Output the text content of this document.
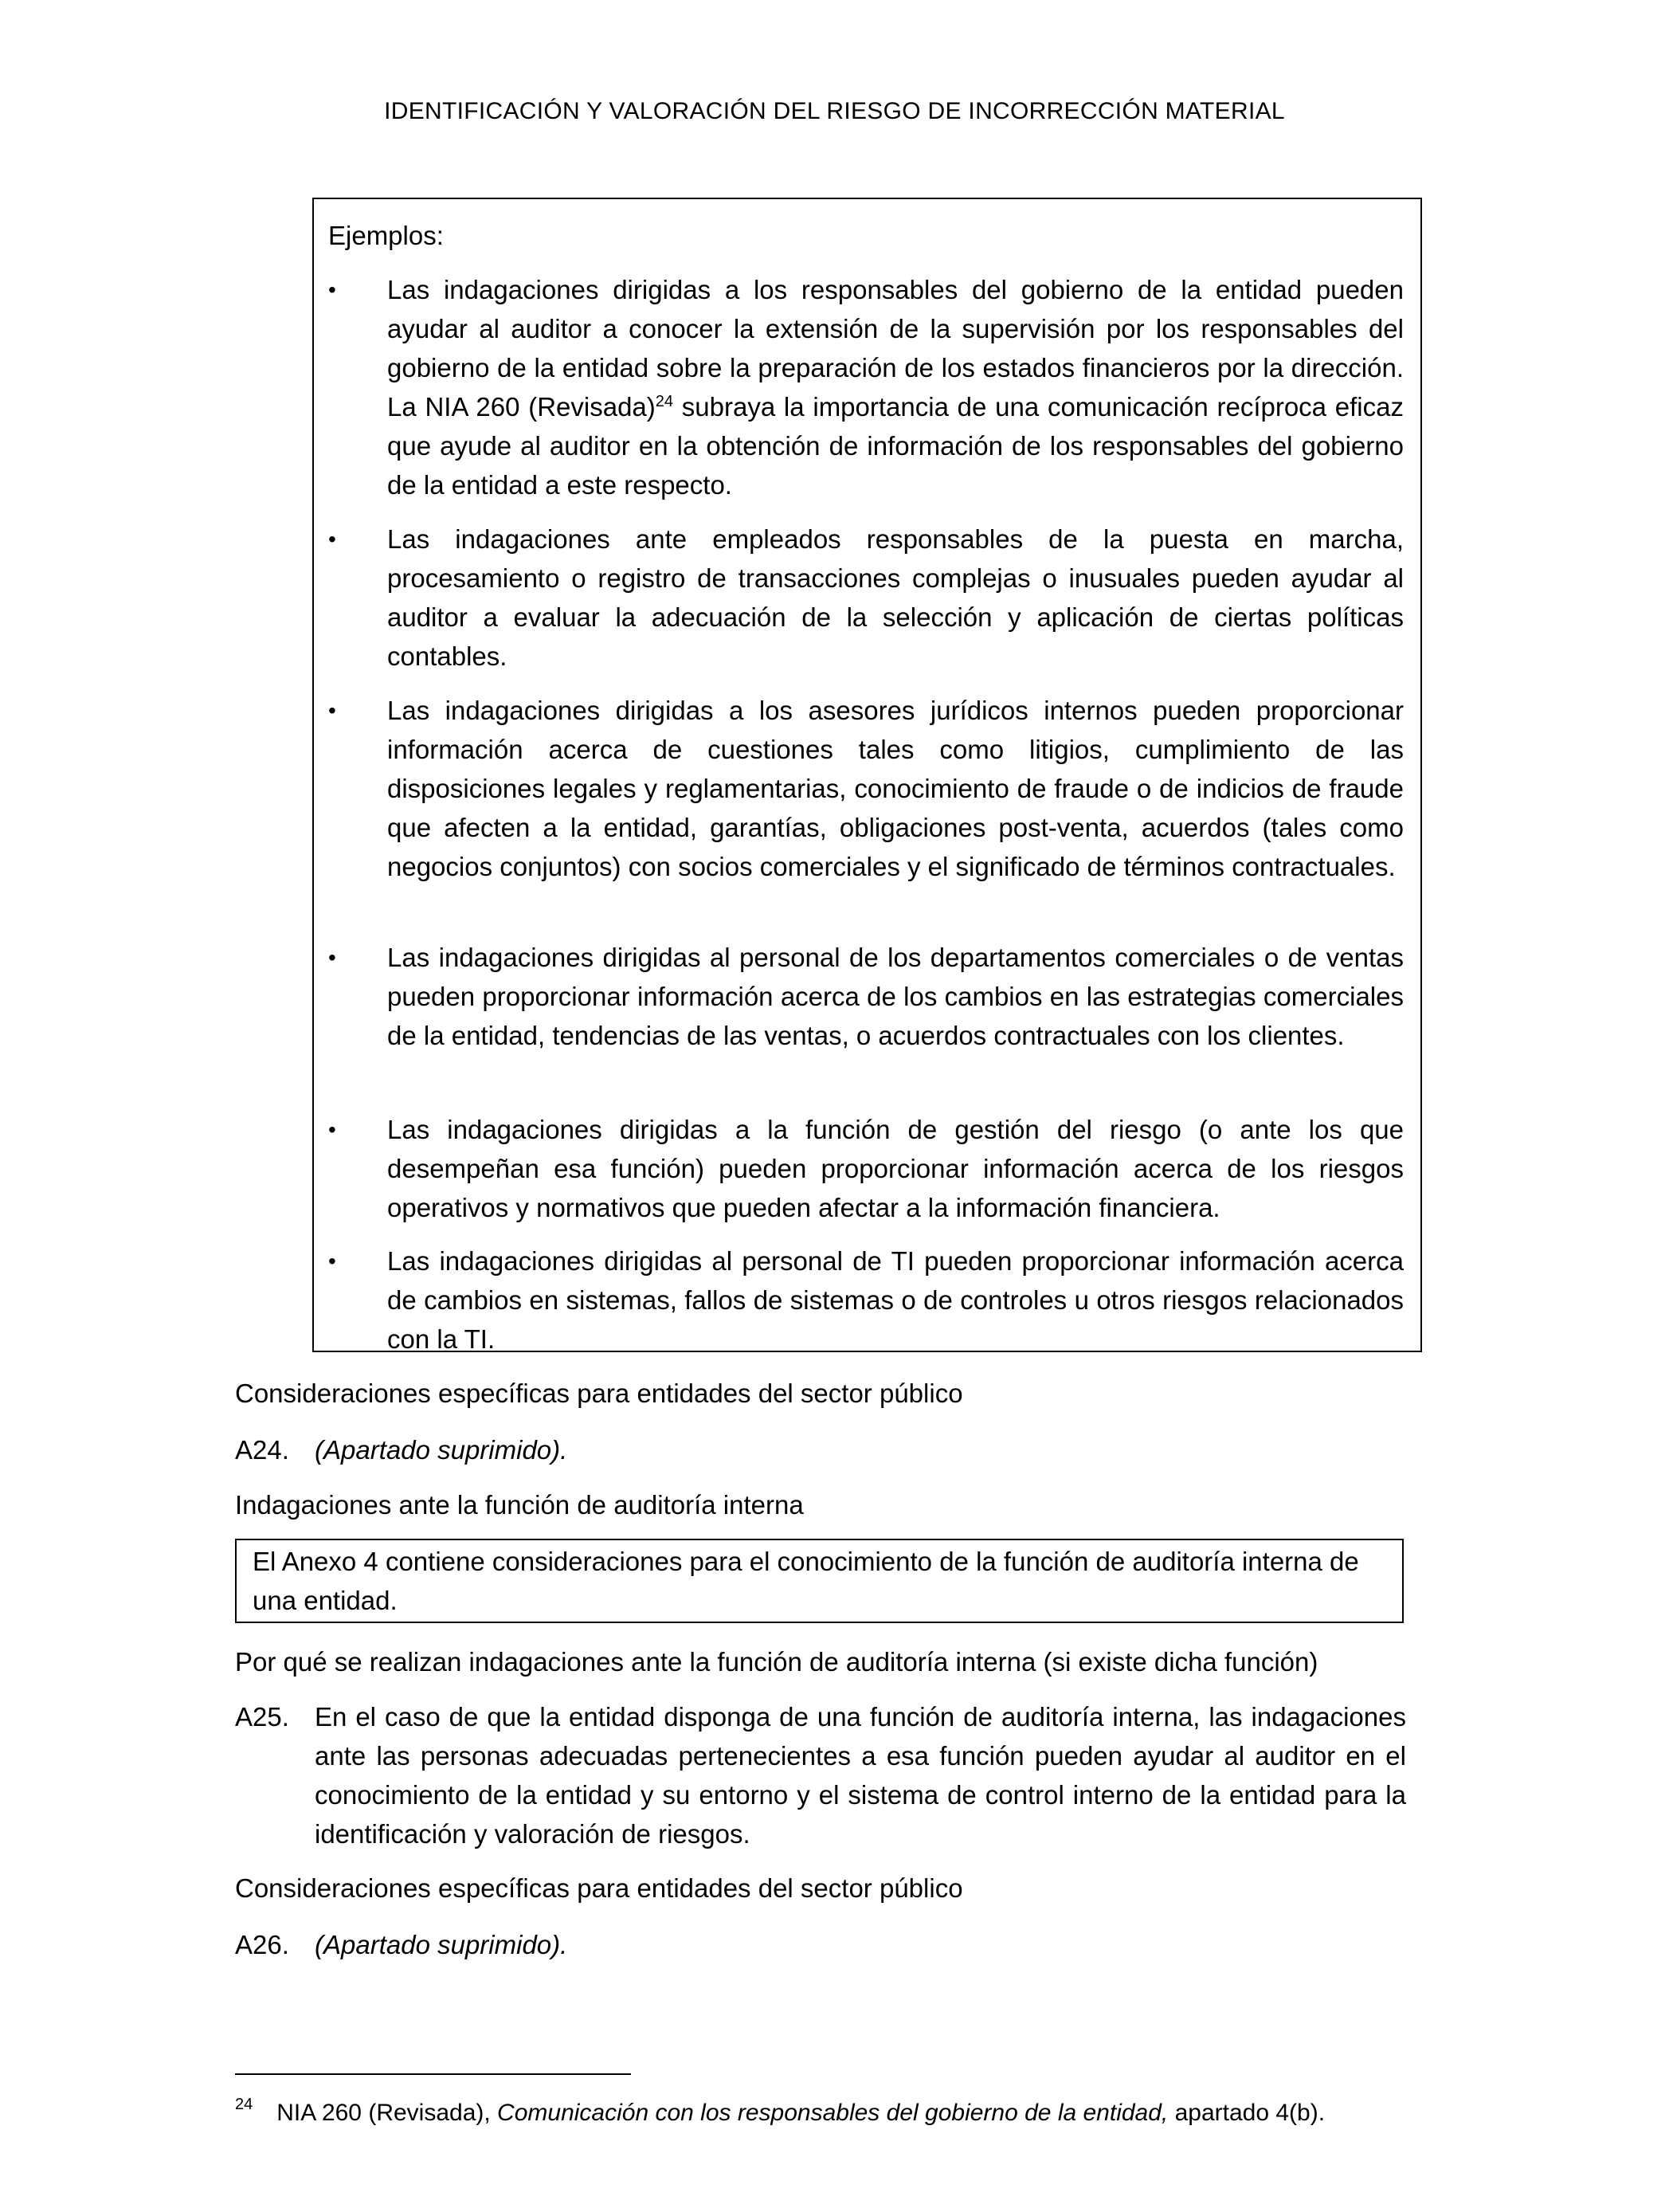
IDENTIFICACIÓN Y VALORACIÓN DEL RIESGO DE INCORRECCIÓN MATERIAL
Ejemplos:
•	Las indagaciones dirigidas a los responsables del gobierno de la entidad pueden ayudar al auditor a conocer la extensión de la supervisión por los responsables del gobierno de la entidad sobre la preparación de los estados financieros por la dirección. La NIA 260 (Revisada)$^{24}$ subraya la importancia de una comunicación recíproca eficaz que ayude al auditor en la obtención de información de los responsables del gobierno de la entidad a este respecto.
•	Las indagaciones ante empleados responsables de la puesta en marcha, procesamiento o registro de transacciones complejas o inusuales pueden ayudar al auditor a evaluar la adecuación de la selección y aplicación de ciertas políticas contables.
•	Las indagaciones dirigidas a los asesores jurídicos internos pueden proporcionar información acerca de cuestiones tales como litigios, cumplimiento de las disposiciones legales y reglamentarias, conocimiento de fraude o de indicios de fraude que afecten a la entidad, garantías, obligaciones post-venta, acuerdos (tales como negocios conjuntos) con socios comerciales y el significado de términos contractuales.
•	Las indagaciones dirigidas al personal de los departamentos comerciales o de ventas pueden proporcionar información acerca de los cambios en las estrategias comerciales de la entidad, tendencias de las ventas, o acuerdos contractuales con los clientes.
•	Las indagaciones dirigidas a la función de gestión del riesgo (o ante los que desempeñan esa función) pueden proporcionar información acerca de los riesgos operativos y normativos que pueden afectar a la información financiera.
•	Las indagaciones dirigidas al personal de TI pueden proporcionar información acerca de cambios en sistemas, fallos de sistemas o de controles u otros riesgos relacionados con la TI.
Consideraciones específicas para entidades del sector público
A24. (Apartado suprimido).
Indagaciones ante la función de auditoría interna
El Anexo 4 contiene consideraciones para el conocimiento de la función de auditoría interna de una entidad.
Por qué se realizan indagaciones ante la función de auditoría interna (si existe dicha función)
A25. En el caso de que la entidad disponga de una función de auditoría interna, las indagaciones ante las personas adecuadas pertenecientes a esa función pueden ayudar al auditor en el conocimiento de la entidad y su entorno y el sistema de control interno de la entidad para la identificación y valoración de riesgos.
Consideraciones específicas para entidades del sector público
A26. (Apartado suprimido).
$^{24}$ NIA 260 (Revisada), Comunicación con los responsables del gobierno de la entidad, apartado 4(b).
